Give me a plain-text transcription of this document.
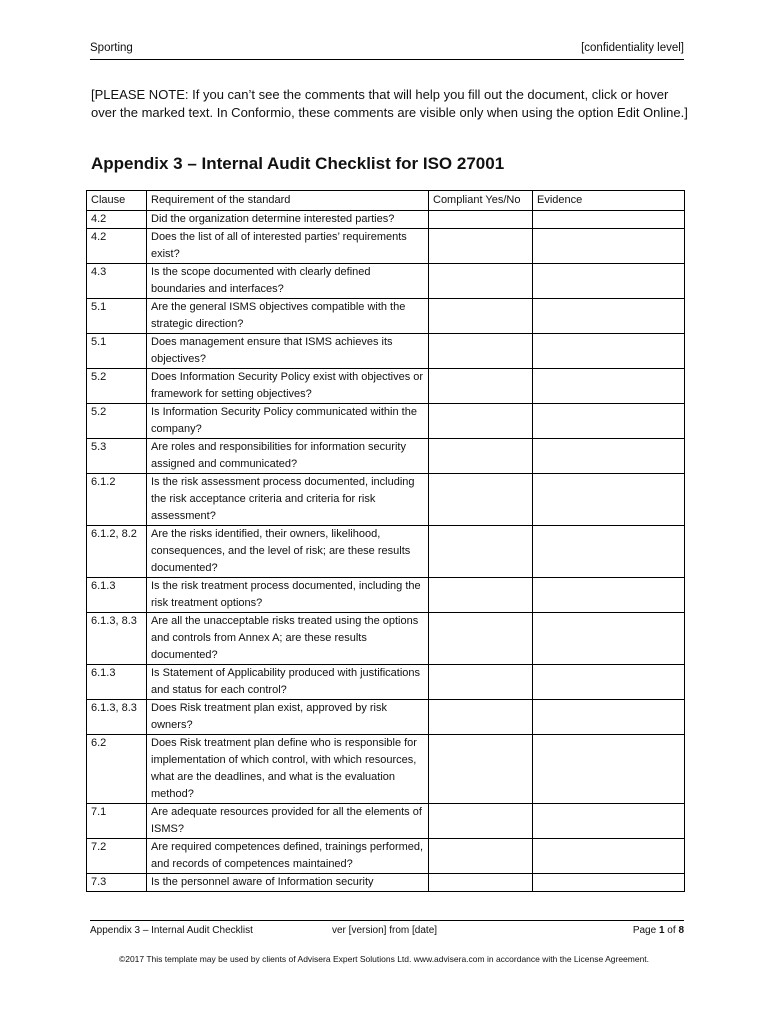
Sporting	[confidentiality level]
[PLEASE NOTE: If you can’t see the comments that will help you fill out the document, click or hover over the marked text. In Conformio, these comments are visible only when using the option Edit Online.]
Appendix 3 – Internal Audit Checklist for ISO 27001
Clause	Requirement of the standard	Compliant Yes/No	Evidence
4.2	Did the organization determine interested parties?		
4.2	Does the list of all of interested parties’ requirements exist?		
4.3	Is the scope documented with clearly defined boundaries and interfaces?		
5.1	Are the general ISMS objectives compatible with the strategic direction?		
5.1	Does management ensure that ISMS achieves its objectives?		
5.2	Does Information Security Policy exist with objectives or framework for setting objectives?		
5.2	Is Information Security Policy communicated within the company?		
5.3	Are roles and responsibilities for information security assigned and communicated?		
6.1.2	Is the risk assessment process documented, including the risk acceptance criteria and criteria for risk assessment?		
6.1.2, 8.2	Are the risks identified, their owners, likelihood, consequences, and the level of risk; are these results documented?		
6.1.3	Is the risk treatment process documented, including the risk treatment options?		
6.1.3, 8.3	Are all the unacceptable risks treated using the options and controls from Annex A; are these results documented?		
6.1.3	Is Statement of Applicability produced with justifications and status for each control?		
6.1.3, 8.3	Does Risk treatment plan exist, approved by risk owners?		
6.2	Does Risk treatment plan define who is responsible for implementation of which control, with which resources, what are the deadlines, and what is the evaluation method?		
7.1	Are adequate resources provided for all the elements of ISMS?		
7.2	Are required competences defined, trainings performed, and records of competences maintained?		
7.3	Is the personnel aware of Information security		
Appendix 3 – Internal Audit Checklist	ver [version] from [date]	Page 1 of 8
©2017 This template may be used by clients of Advisera Expert Solutions Ltd. www.advisera.com in accordance with the License Agreement.
